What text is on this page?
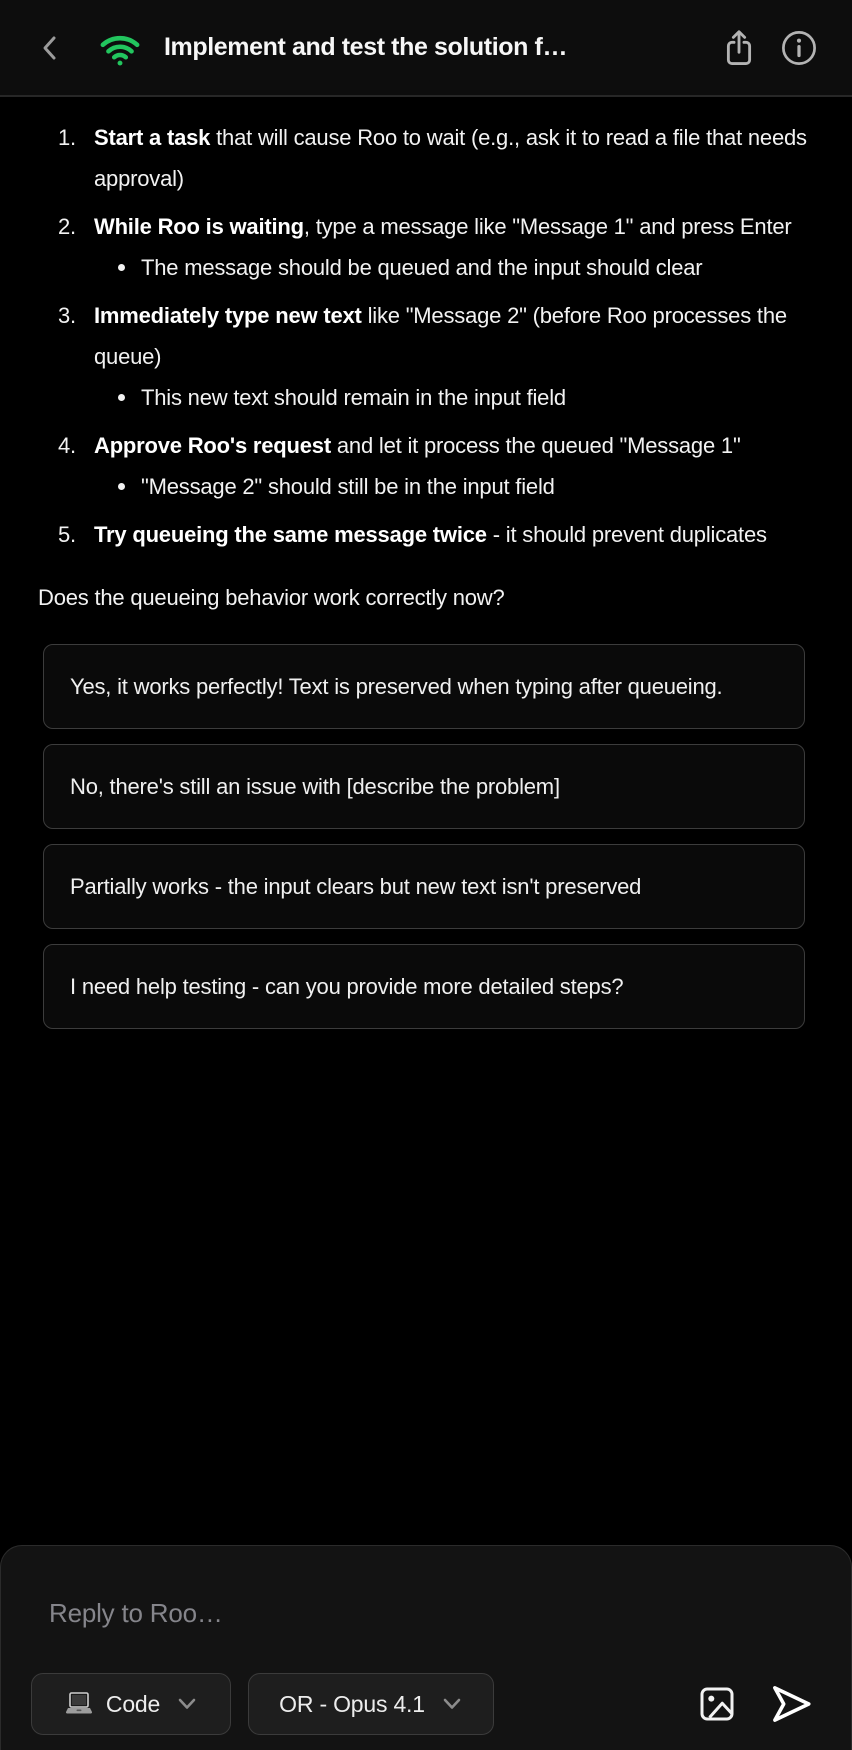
Implement and test the solution f…
1. Start a task that will cause Roo to wait (e.g., ask it to read a file that needs approval)
2. While Roo is waiting, type a message like "Message 1" and press Enter
The message should be queued and the input should clear
3. Immediately type new text like "Message 2" (before Roo processes the queue)
This new text should remain in the input field
4. Approve Roo's request and let it process the queued "Message 1"
"Message 2" should still be in the input field
5. Try queueing the same message twice - it should prevent duplicates
Does the queueing behavior work correctly now?
Yes, it works perfectly! Text is preserved when typing after queueing.
No, there's still an issue with [describe the problem]
Partially works - the input clears but new text isn't preserved
I need help testing - can you provide more detailed steps?
Reply to Roo…
Code	OR - Opus 4.1
